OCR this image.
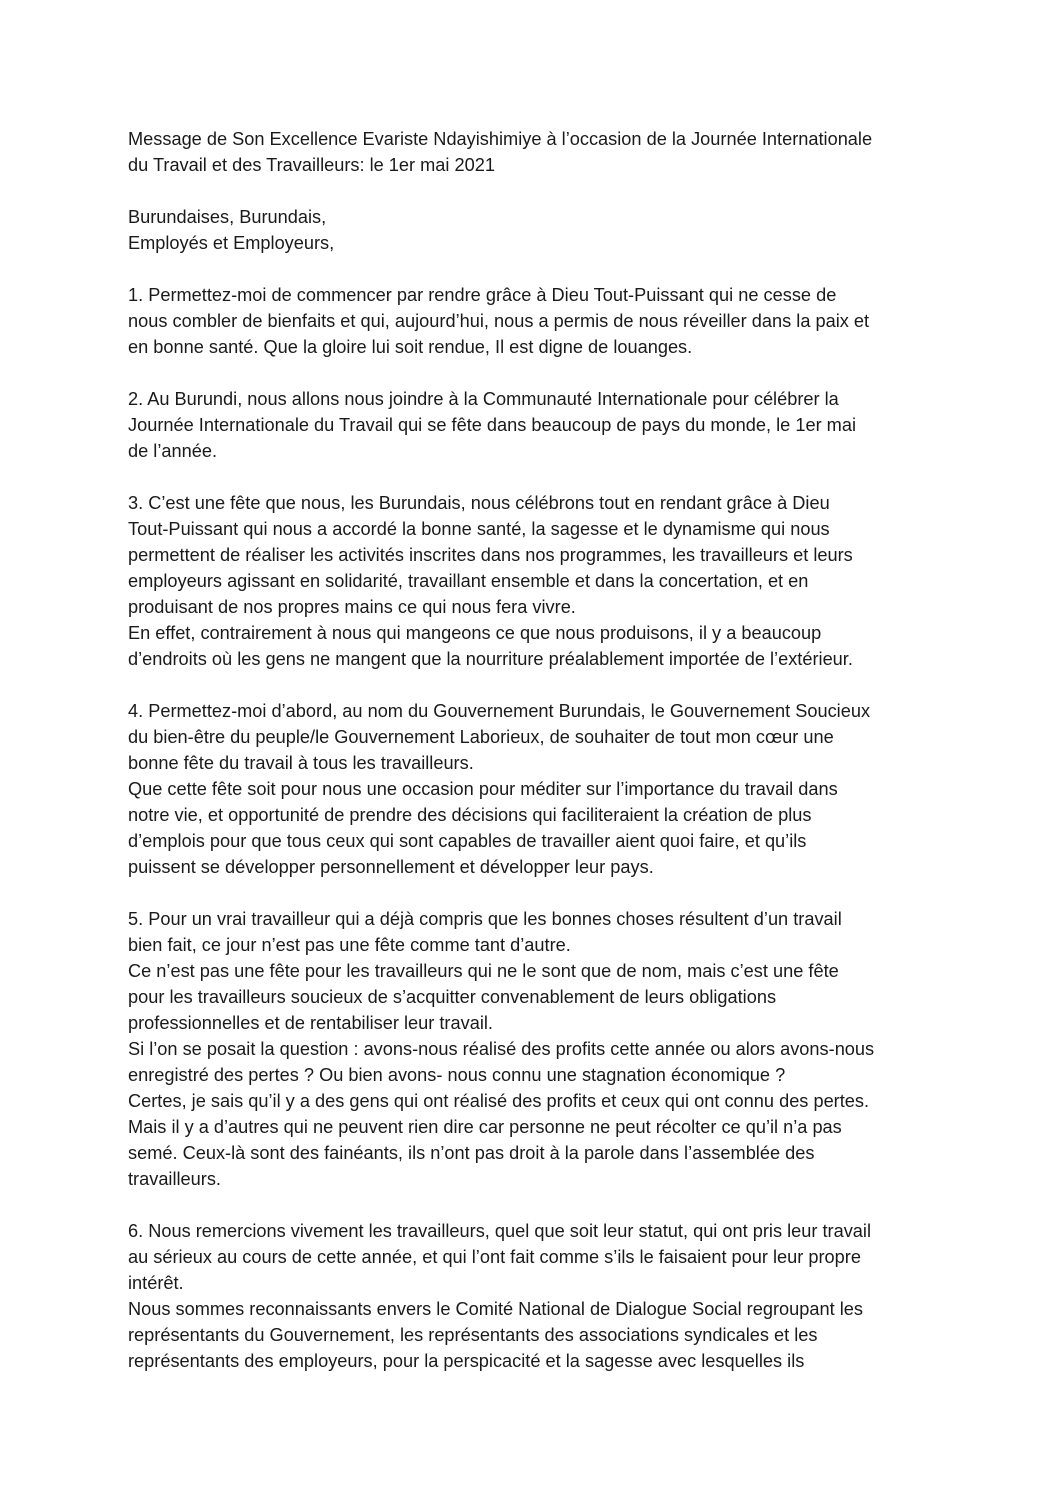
Message de Son Excellence Evariste Ndayishimiye à l’occasion de la Journée Internationale
du Travail et des Travailleurs: le 1er mai 2021
Burundaises, Burundais,
Employés et Employeurs,
1. Permettez-moi de commencer par rendre grâce à Dieu Tout-Puissant qui ne cesse de
nous combler de bienfaits et qui, aujourd’hui, nous a permis de nous réveiller dans la paix et
en bonne santé. Que la gloire lui soit rendue, Il est digne de louanges.
2. Au Burundi, nous allons nous joindre à la Communauté Internationale pour célébrer la
Journée Internationale du Travail qui se fête dans beaucoup de pays du monde, le 1er mai
de l’année.
3. C’est une fête que nous, les Burundais, nous célébrons tout en rendant grâce à Dieu
Tout-Puissant qui nous a accordé la bonne santé, la sagesse et le dynamisme qui nous
permettent de réaliser les activités inscrites dans nos programmes, les travailleurs et leurs
employeurs agissant en solidarité, travaillant ensemble et dans la concertation, et en
produisant de nos propres mains ce qui nous fera vivre.
En effet, contrairement à nous qui mangeons ce que nous produisons, il y a beaucoup
d’endroits où les gens ne mangent que la nourriture préalablement importée de l’extérieur.
4. Permettez-moi d’abord, au nom du Gouvernement Burundais, le Gouvernement Soucieux
du bien-être du peuple/le Gouvernement Laborieux, de souhaiter de tout mon cœur une
bonne fête du travail à tous les travailleurs.
Que cette fête soit pour nous une occasion pour méditer sur l’importance du travail dans
notre vie, et opportunité de prendre des décisions qui faciliteraient la création de plus
d’emplois pour que tous ceux qui sont capables de travailler aient quoi faire, et qu’ils
puissent se développer personnellement et développer leur pays.
5. Pour un vrai travailleur qui a déjà compris que les bonnes choses résultent d’un travail
bien fait, ce jour n’est pas une fête comme tant d’autre.
Ce n’est pas une fête pour les travailleurs qui ne le sont que de nom, mais c’est une fête
pour les travailleurs soucieux de s’acquitter convenablement de leurs obligations
professionnelles et de rentabiliser leur travail.
Si l’on se posait la question : avons-nous réalisé des profits cette année ou alors avons-nous
enregistré des pertes ? Ou bien avons- nous connu une stagnation économique ?
Certes, je sais qu’il y a des gens qui ont réalisé des profits et ceux qui ont connu des pertes.
Mais il y a d’autres qui ne peuvent rien dire car personne ne peut récolter ce qu’il n’a pas
semé. Ceux-là sont des fainéants, ils n’ont pas droit à la parole dans l’assemblée des
travailleurs.
6. Nous remercions vivement les travailleurs, quel que soit leur statut, qui ont pris leur travail
au sérieux au cours de cette année, et qui l’ont fait comme s’ils le faisaient pour leur propre
intérêt.
Nous sommes reconnaissants envers le Comité National de Dialogue Social regroupant les
représentants du Gouvernement, les représentants des associations syndicales et les
représentants des employeurs, pour la perspicacité et la sagesse avec lesquelles ils
